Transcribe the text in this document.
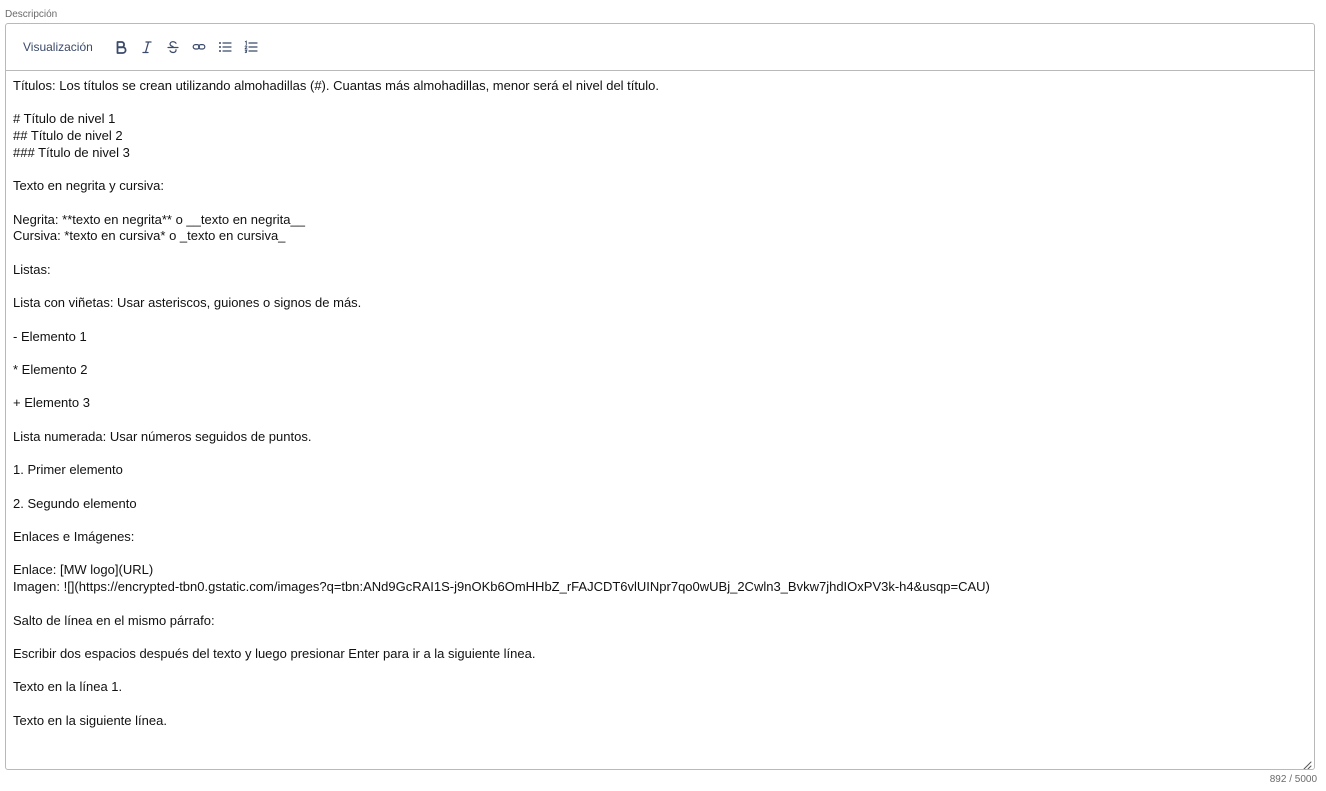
Descripción
Visualización
Títulos: Los títulos se crean utilizando almohadillas (#). Cuantas más almohadillas, menor será el nivel del título.

# Título de nivel 1
## Título de nivel 2
### Título de nivel 3

Texto en negrita y cursiva:

Negrita: **texto en negrita** o __texto en negrita__
Cursiva: *texto en cursiva* o _texto en cursiva_

Listas:

Lista con viñetas: Usar asteriscos, guiones o signos de más.

- Elemento 1

* Elemento 2

+ Elemento 3

Lista numerada: Usar números seguidos de puntos.

1. Primer elemento

2. Segundo elemento

Enlaces e Imágenes:

Enlace: [MW logo](URL)
Imagen: ![](https://encrypted-tbn0.gstatic.com/images?q=tbn:ANd9GcRAI1S-j9nOKb6OmHHbZ_rFAJCDT6vlUINpr7qo0wUBj_2Cwln3_Bvkw7jhdIOxPV3k-h4&usqp=CAU)

Salto de línea en el mismo párrafo:

Escribir dos espacios después del texto y luego presionar Enter para ir a la siguiente línea.

Texto en la línea 1.

Texto en la siguiente línea.
892 / 5000
